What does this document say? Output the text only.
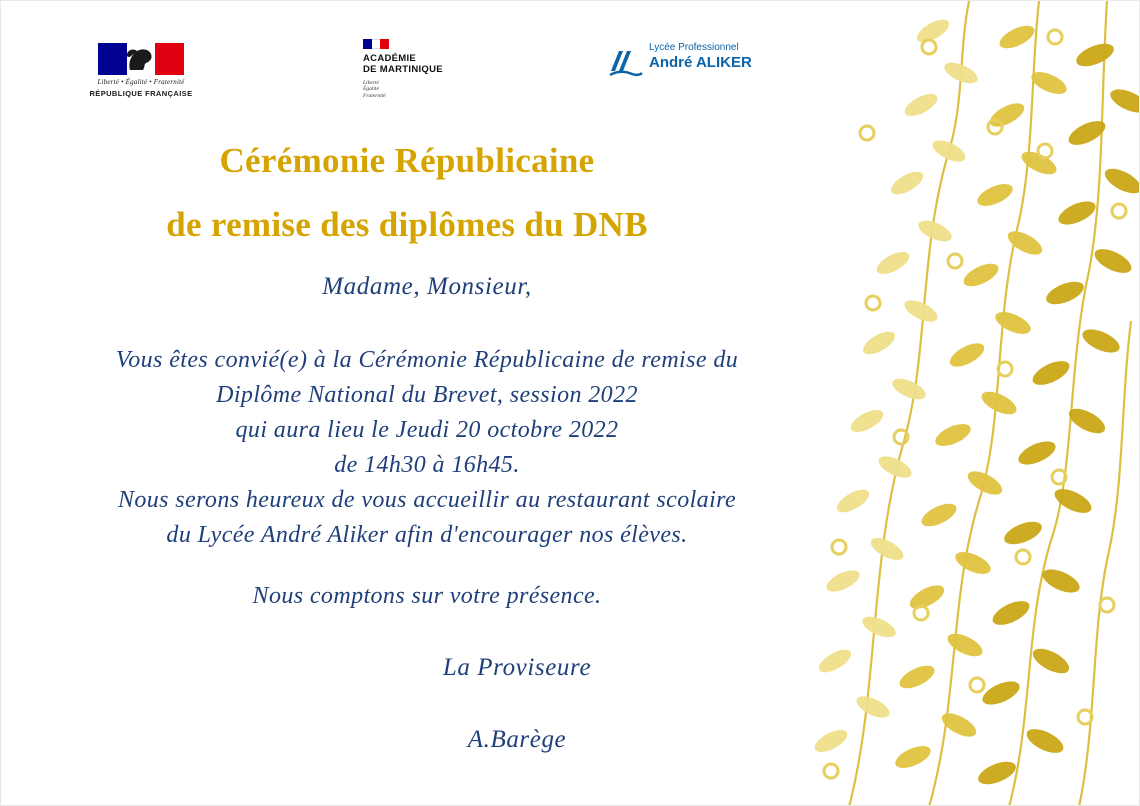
Liberté • Égalité • Fraternité
RÉPUBLIQUE FRANÇAISE
ACADÉMIE
DE MARTINIQUE
Liberté
Égalité
Fraternité
Lycée Professionnel
André ALIKER
Cérémonie Républicaine
de remise des diplômes du DNB
Madame, Monsieur,
Vous êtes convié(e) à la Cérémonie Républicaine de remise du
Diplôme National du Brevet, session 2022
qui aura lieu le Jeudi 20 octobre 2022
de 14h30 à 16h45.
Nous serons heureux de vous accueillir au restaurant scolaire
du Lycée André Aliker afin d'encourager nos élèves.
Nous comptons sur votre présence.
La Proviseure
A.Barège
